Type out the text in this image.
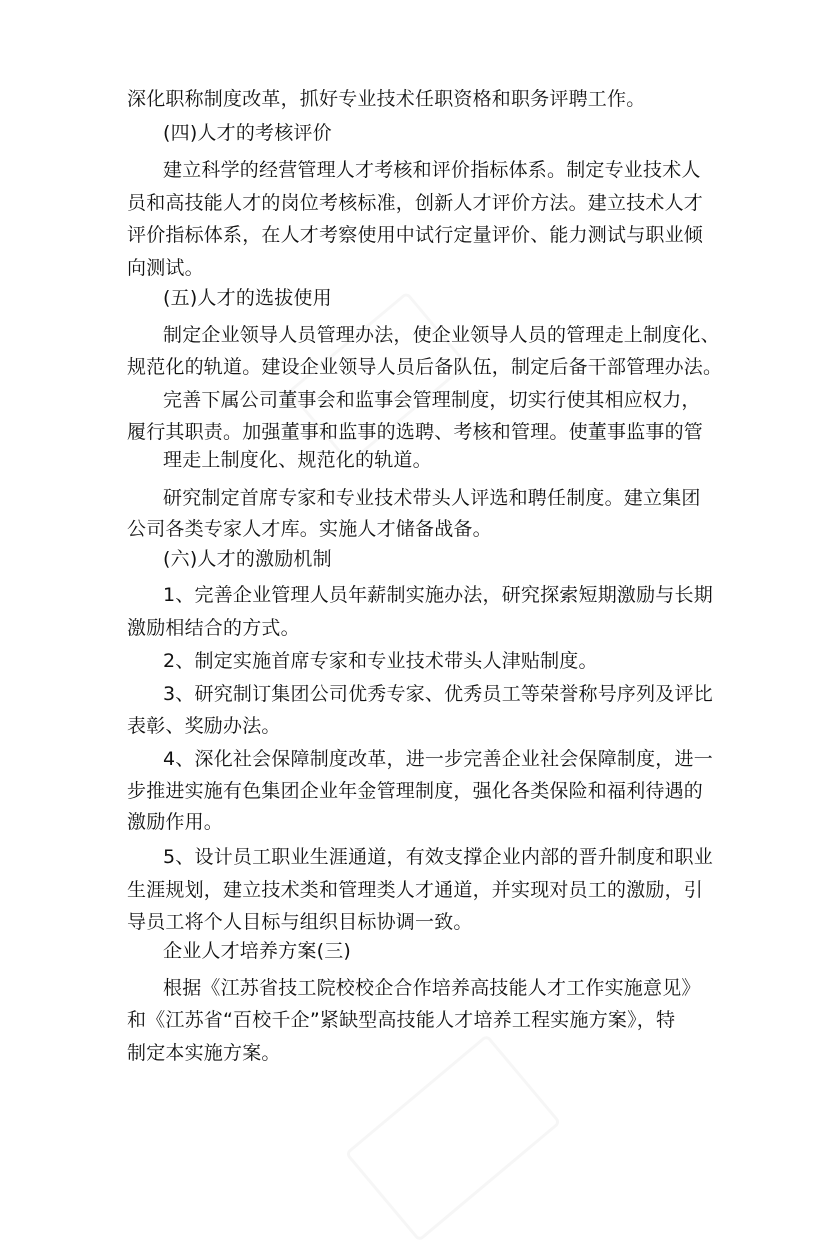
深化职称制度改革，抓好专业技术任职资格和职务评聘工作。
(四)人才的考核评价
建立科学的经营管理人才考核和评价指标体系。制定专业技术人
员和高技能人才的岗位考核标准，创新人才评价方法。建立技术人才
评价指标体系，在人才考察使用中试行定量评价、能力测试与职业倾
向测试。
(五)人才的选拔使用
制定企业领导人员管理办法，使企业领导人员的管理走上制度化、
规范化的轨道。建设企业领导人员后备队伍，制定后备干部管理办法。
完善下属公司董事会和监事会管理制度，切实行使其相应权力，
履行其职责。加强董事和监事的选聘、考核和管理。使董事监事的管
理走上制度化、规范化的轨道。
研究制定首席专家和专业技术带头人评选和聘任制度。建立集团
公司各类专家人才库。实施人才储备战备。
(六)人才的激励机制
1、完善企业管理人员年薪制实施办法，研究探索短期激励与长期
激励相结合的方式。
2、制定实施首席专家和专业技术带头人津贴制度。
3、研究制订集团公司优秀专家、优秀员工等荣誉称号序列及评比
表彰、奖励办法。
4、深化社会保障制度改革，进一步完善企业社会保障制度，进一
步推进实施有色集团企业年金管理制度，强化各类保险和福利待遇的
激励作用。
5、设计员工职业生涯通道，有效支撑企业内部的晋升制度和职业
生涯规划，建立技术类和管理类人才通道，并实现对员工的激励，引
导员工将个人目标与组织目标协调一致。
企业人才培养方案(三)
根据《江苏省技工院校校企合作培养高技能人才工作实施意见》
和《江苏省“百校千企”紧缺型高技能人才培养工程实施方案》，特
制定本实施方案。
